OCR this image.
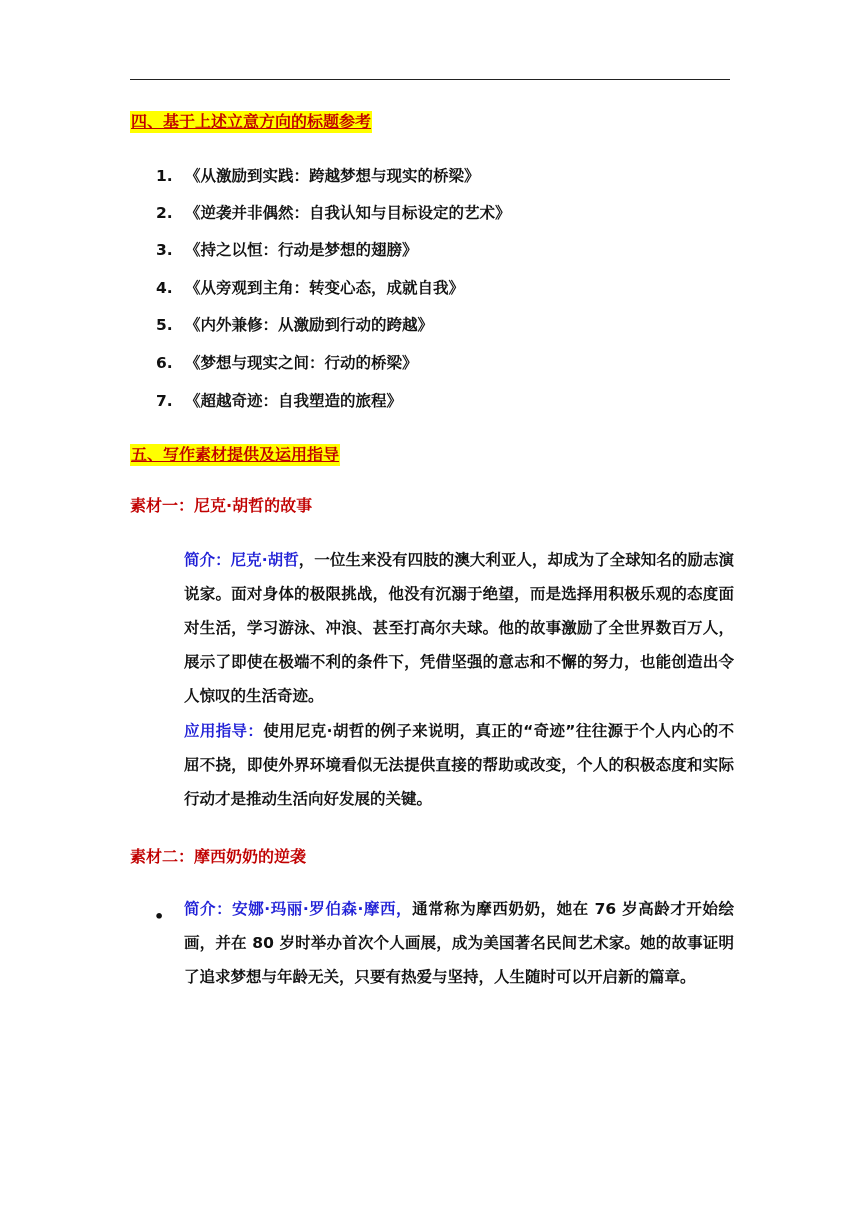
四、基于上述立意方向的标题参考
1. 《从激励到实践：跨越梦想与现实的桥梁》
2. 《逆袭并非偶然：自我认知与目标设定的艺术》
3. 《持之以恒：行动是梦想的翅膀》
4. 《从旁观到主角：转变心态，成就自我》
5. 《内外兼修：从激励到行动的跨越》
6. 《梦想与现实之间：行动的桥梁》
7. 《超越奇迹：自我塑造的旅程》
五、写作素材提供及运用指导
素材一：尼克·胡哲的故事

简介：尼克·胡哲，一位生来没有四肢的澳大利亚人，却成为了全球知名的励志演说家。面对身体的极限挑战，他没有沉溺于绝望，而是选择用积极乐观的态度面对生活，学习游泳、冲浪、甚至打高尔夫球。他的故事激励了全世界数百万人，展示了即使在极端不利的条件下，凭借坚强的意志和不懈的努力，也能创造出令人惊叹的生活奇迹。

应用指导：使用尼克·胡哲的例子来说明，真正的“奇迹”往往源于个人内心的不屈不挠，即使外界环境看似无法提供直接的帮助或改变，个人的积极态度和实际行动才是推动生活向好发展的关键。

素材二：摩西奶奶的逆袭
• 简介：安娜·玛丽·罗伯森·摩西，通常称为摩西奶奶，她在 76 岁高龄才开始绘画，并在 80 岁时举办首次个人画展，成为美国著名民间艺术家。她的故事证明了追求梦想与年龄无关，只要有热爱与坚持，人生随时可以开启新的篇章。
